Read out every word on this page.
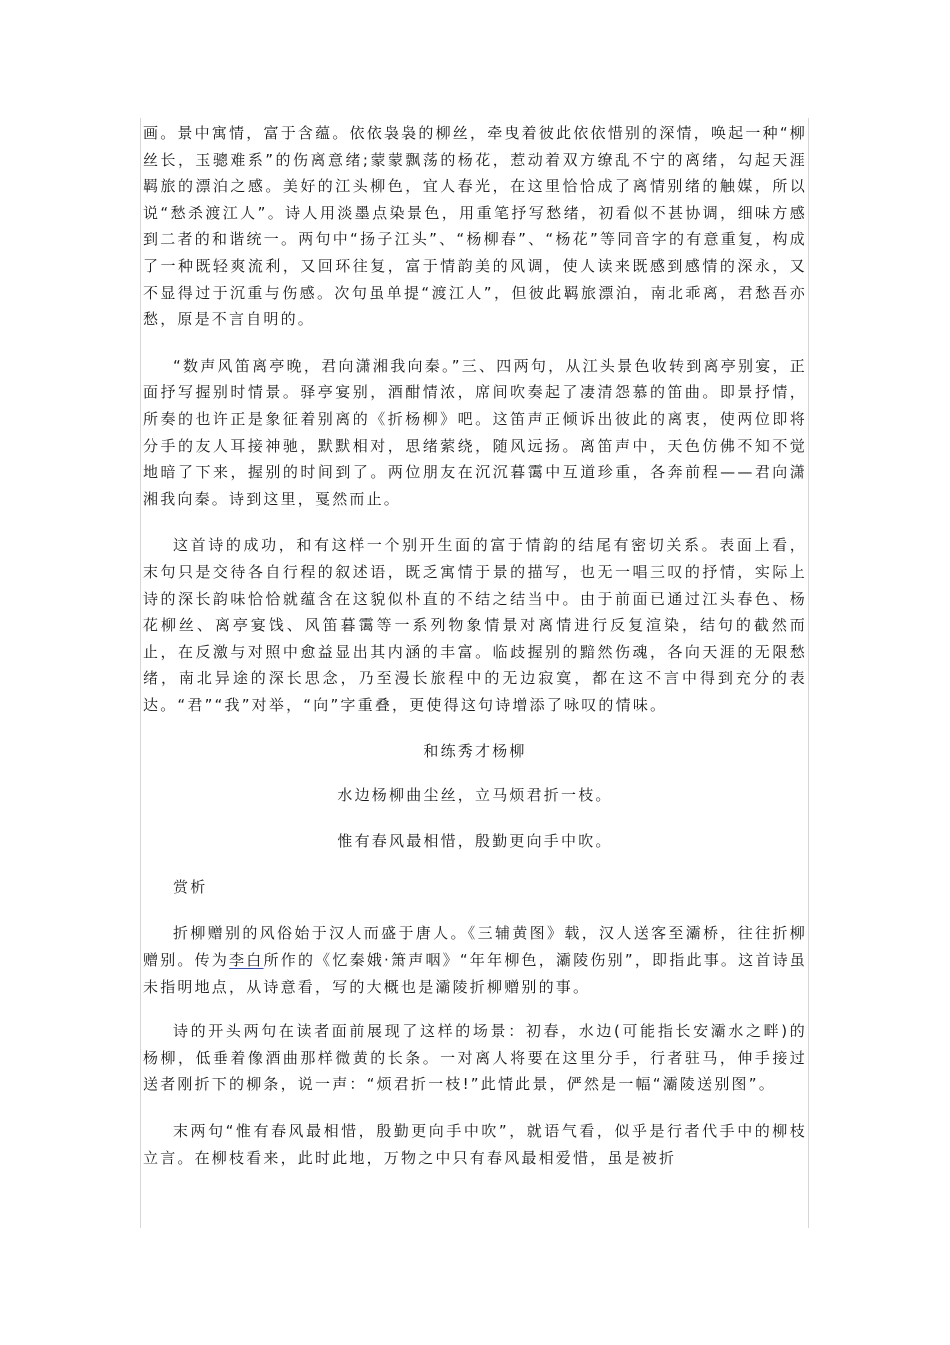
画。景中寓情，富于含蕴。依依袅袅的柳丝，牵曳着彼此依依惜别的深情，唤起一种“柳丝长，玉骢难系”的伤离意绪;蒙蒙飘荡的杨花，惹动着双方缭乱不宁的离绪，勾起天涯羁旅的漂泊之感。美好的江头柳色，宜人春光，在这里恰恰成了离情别绪的触媒，所以说“愁杀渡江人”。诗人用淡墨点染景色，用重笔抒写愁绪，初看似不甚协调，细味方感到二者的和谐统一。两句中“扬子江头”、“杨柳春”、“杨花”等同音字的有意重复，构成了一种既轻爽流利，又回环往复，富于情韵美的风调，使人读来既感到感情的深永，又不显得过于沉重与伤感。次句虽单提“渡江人”，但彼此羁旅漂泊，南北乖离，君愁吾亦愁，原是不言自明的。

“数声风笛离亭晚，君向潇湘我向秦。”三、四两句，从江头景色收转到离亭别宴，正面抒写握别时情景。驿亭宴别，酒酣情浓，席间吹奏起了凄清怨慕的笛曲。即景抒情，所奏的也许正是象征着别离的《折杨柳》吧。这笛声正倾诉出彼此的离衷，使两位即将分手的友人耳接神驰，默默相对，思绪萦绕，随风远扬。离笛声中，天色仿佛不知不觉地暗了下来，握别的时间到了。两位朋友在沉沉暮霭中互道珍重，各奔前程——君向潇湘我向秦。诗到这里，戛然而止。

这首诗的成功，和有这样一个别开生面的富于情韵的结尾有密切关系。表面上看，末句只是交待各自行程的叙述语，既乏寓情于景的描写，也无一唱三叹的抒情，实际上诗的深长韵味恰恰就蕴含在这貌似朴直的不结之结当中。由于前面已通过江头春色、杨花柳丝、离亭宴饯、风笛暮霭等一系列物象情景对离情进行反复渲染，结句的截然而止，在反激与对照中愈益显出其内涵的丰富。临歧握别的黯然伤魂，各向天涯的无限愁绪，南北异途的深长思念，乃至漫长旅程中的无边寂寞，都在这不言中得到充分的表达。“君”“我”对举，“向”字重叠，更使得这句诗增添了咏叹的情味。

和练秀才杨柳

水边杨柳曲尘丝，立马烦君折一枝。

惟有春风最相惜，殷勤更向手中吹。

赏析

折柳赠别的风俗始于汉人而盛于唐人。《三辅黄图》载，汉人送客至灞桥，往往折柳赠别。传为李白所作的《忆秦娥·箫声咽》“年年柳色，灞陵伤别”，即指此事。这首诗虽未指明地点，从诗意看，写的大概也是灞陵折柳赠别的事。

诗的开头两句在读者面前展现了这样的场景：初春，水边(可能指长安灞水之畔)的杨柳，低垂着像酒曲那样微黄的长条。一对离人将要在这里分手，行者驻马，伸手接过送者刚折下的柳条，说一声：“烦君折一枝!”此情此景，俨然是一幅“灞陵送别图”。

末两句“惟有春风最相惜，殷勤更向手中吹”，就语气看，似乎是行者代手中的柳枝立言。在柳枝看来，此时此地，万物之中只有春风最相爱惜，虽是被折
